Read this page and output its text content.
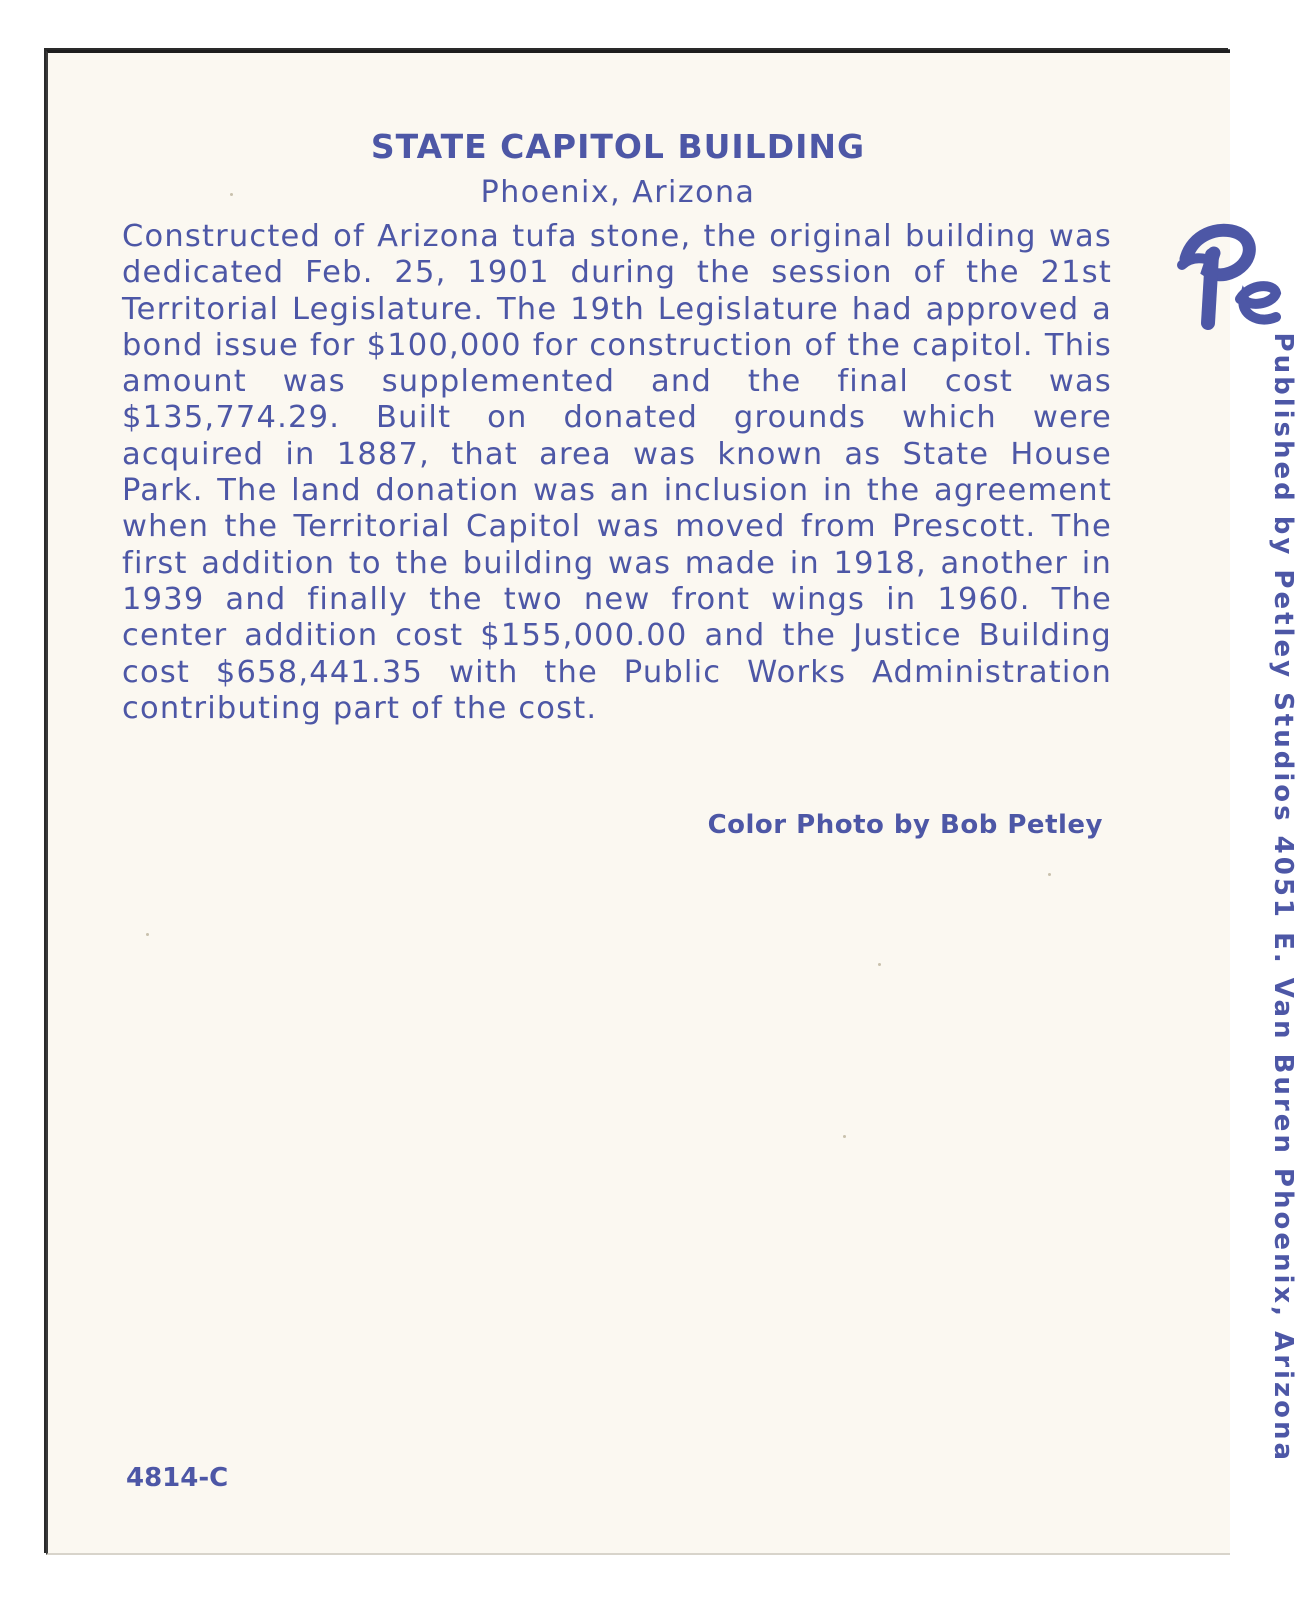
STATE CAPITOL BUILDING
Phoenix, Arizona

Constructed of Arizona tufa stone, the original building was dedicated Feb. 25, 1901 during the session of the 21st Territorial Legislature. The 19th Legislature had approved a bond issue for $100,000 for construction of the capitol. This amount was supplemented and the final cost was $135,774.29. Built on donated grounds which were acquired in 1887, that area was known as State House Park. The land donation was an inclusion in the agreement when the Territorial Capitol was moved from Prescott. The first addition to the building was made in 1918, another in 1939 and finally the two new front wings in 1960. The center addition cost $155,000.00 and the Justice Building cost $658,441.35 with the Public Works Administration contributing part of the cost.

Color Photo by Bob Petley
4814-C
Published by Petley Studios 4051 E. Van Buren Phoenix, Arizona
